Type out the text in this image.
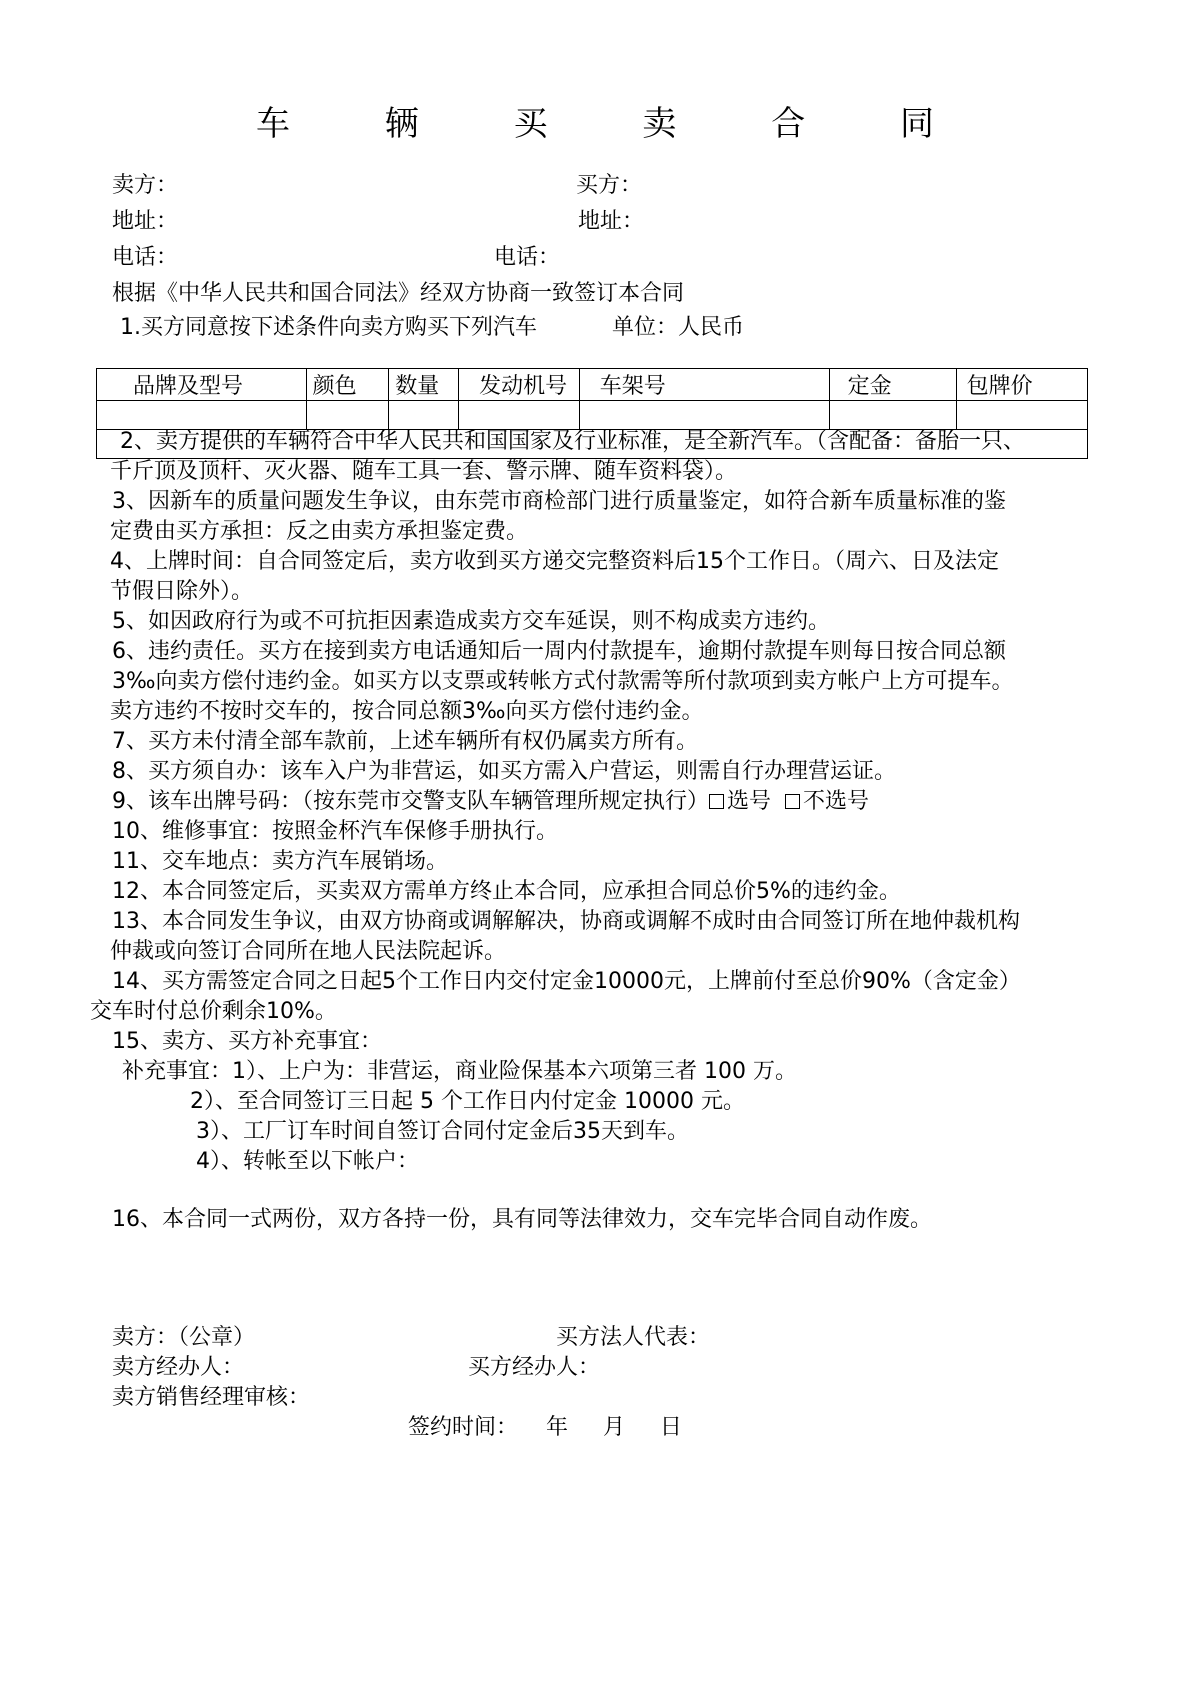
车 辆 买 卖 合 同
卖方：	买方：
地址：	地址：
电话：	电话：
根据《中华人民共和国合同法》经双方协商一致签订本合同
1.买方同意按下述条件向卖方购买下列汽车	单位：人民币
品牌及型号	颜色	数量	发动机号	车架号	定金	包牌价

2、卖方提供的车辆符合中华人民共和国国家及行业标准，是全新汽车。（含配备：备胎一只、
千斤顶及顶杆、灭火器、随车工具一套、警示牌、随车资料袋）。
3、因新车的质量问题发生争议，由东莞市商检部门进行质量鉴定，如符合新车质量标准的鉴
定费由买方承担：反之由卖方承担鉴定费。
4、上牌时间：自合同签定后，卖方收到买方递交完整资料后15个工作日。（周六、日及法定
节假日除外）。
5、如因政府行为或不可抗拒因素造成卖方交车延误，则不构成卖方违约。
6、违约责任。买方在接到卖方电话通知后一周内付款提车，逾期付款提车则每日按合同总额
3‰向卖方偿付违约金。如买方以支票或转帐方式付款需等所付款项到卖方帐户上方可提车。
卖方违约不按时交车的，按合同总额3‰向买方偿付违约金。
7、买方未付清全部车款前，上述车辆所有权仍属卖方所有。
8、买方须自办：该车入户为非营运，如买方需入户营运，则需自行办理营运证。
9、该车出牌号码：（按东莞市交警支队车辆管理所规定执行） 选号 不选号
10、维修事宜：按照金杯汽车保修手册执行。
11、交车地点：卖方汽车展销场。
12、本合同签定后，买卖双方需单方终止本合同，应承担合同总价5%的违约金。
13、本合同发生争议，由双方协商或调解解决，协商或调解不成时由合同签订所在地仲裁机构
仲裁或向签订合同所在地人民法院起诉。
14、买方需签定合同之日起5个工作日内交付定金10000元，上牌前付至总价90%（含定金）
交车时付总价剩余10%。
15、卖方、买方补充事宜：
补充事宜：1）、上户为：非营运，商业险保基本六项第三者 100 万。
2）、至合同签订三日起 5 个工作日内付定金 10000 元。
3）、工厂订车时间自签订合同付定金后35天到车。
4）、转帐至以下帐户：
16、本合同一式两份，双方各持一份，具有同等法律效力，交车完毕合同自动作废。
卖方：（公章）	买方法人代表：
卖方经办人：	买方经办人：
卖方销售经理审核：
签约时间：    年     月     日
